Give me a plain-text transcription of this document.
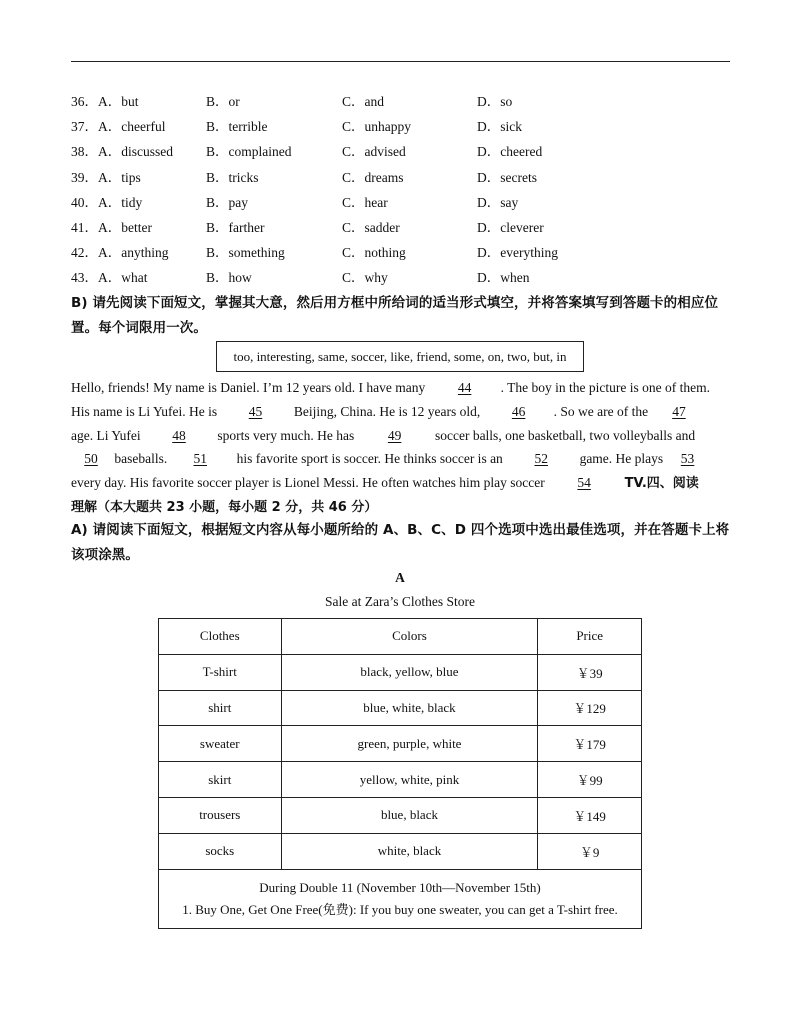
36．A．but	B．or	C．and	D．so
37．A．cheerful	B．terrible	C．unhappy	D．sick
38．A．discussed B．complained	C．advised	D．cheered
39．A．tips	B．tricks	C．dreams	D．secrets
40．A．tidy	B．pay	C．hear	D．say
41．A．better	B．farther	C．sadder	D．cleverer
42．A．anything	B．something	C．nothing	D．everything
43．A．what	B．how	C．why	D．when
B) 请先阅读下面短文，掌握其大意，然后用方框中所给词的适当形式填空，并将答案填写到答题卡的相应位
置。每个词限用一次。
too, interesting, same, soccer, like, friend, some, on, two, but, in

Hello, friends! My name is Daniel. I’m 12 years old. I have many 44 . The boy in the picture is one of them.

His name is Li Yufei. He is 45 Beijing, China. He is 12 years old, 46 . So we are of the 47

age. Li Yufei 48 sports very much. He has 49 soccer balls, one basketball, two volleyballs and

50 baseballs. 51 his favorite sport is soccer. He thinks soccer is an 52 game. He plays 53

every day. His favorite soccer player is Lionel Messi. He often watches him play soccer 54 TV.四、阅读

理解（本大题共 23 小题，每小题 2 分，共 46 分）

A) 请阅读下面短文，根据短文内容从每小题所给的 A、B、C、D 四个选项中选出最佳选项，并在答题卡上将
该项涂黑。
A
Sale at Zara’s Clothes Store
Clothes	Colors	Price
T-shirt	black, yellow, blue	￥39
shirt	blue, white, black	￥129
sweater	green, purple, white	￥179
skirt	yellow, white, pink	￥99
trousers	blue, black	￥149
socks	white, black	￥9

During Double 11 (November 10th—November 15th)
1. Buy One, Get One Free(免费): If you buy one sweater, you can get a T-shirt free.		
